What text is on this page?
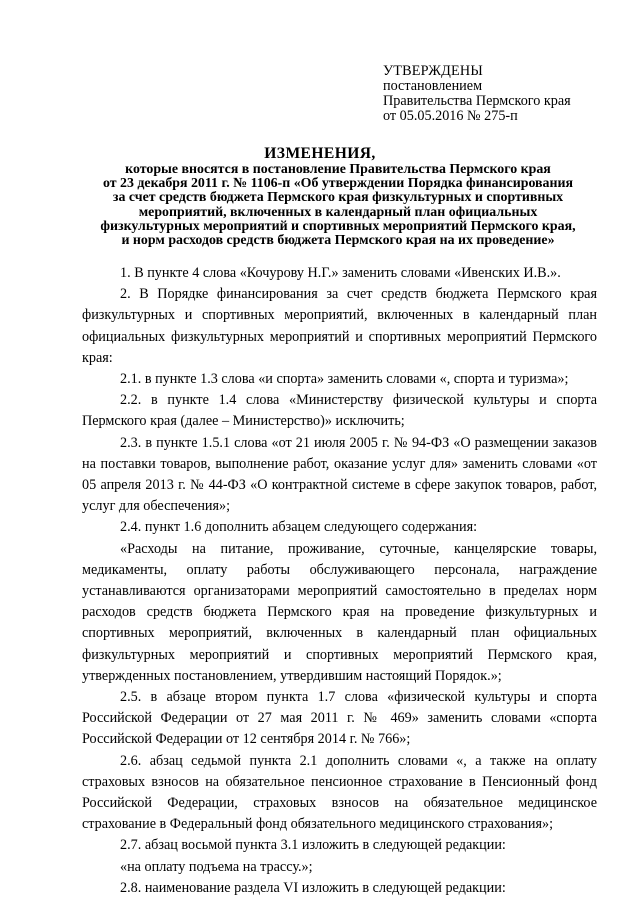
УТВЕРЖДЕНЫ
постановлением
Правительства Пермского края
от 05.05.2016 № 275-п
ИЗМЕНЕНИЯ,
которые вносятся в постановление Правительства Пермского края
от 23 декабря 2011 г. № 1106-п «Об утверждении Порядка финансирования
за счет средств бюджета Пермского края физкультурных и спортивных
мероприятий, включенных в календарный план официальных
физкультурных мероприятий и спортивных мероприятий Пермского края,
и норм расходов средств бюджета Пермского края на их проведение»

1. В пункте 4 слова «Кочурову Н.Г.» заменить словами «Ивенских И.В.».

2. В Порядке финансирования за счет средств бюджета Пермского края физкультурных и спортивных мероприятий, включенных в календарный план официальных физкультурных мероприятий и спортивных мероприятий Пермского края:

2.1. в пункте 1.3 слова «и спорта» заменить словами «, спорта и туризма»;

2.2. в пункте 1.4 слова «Министерству физической культуры и спорта Пермского края (далее – Министерство)» исключить;

2.3. в пункте 1.5.1 слова «от 21 июля 2005 г. № 94-ФЗ «О размещении заказов на поставки товаров, выполнение работ, оказание услуг для» заменить словами «от 05 апреля 2013 г. № 44-ФЗ «О контрактной системе в сфере закупок товаров, работ, услуг для обеспечения»;

2.4. пункт 1.6 дополнить абзацем следующего содержания:

«Расходы на питание, проживание, суточные, канцелярские товары, медикаменты, оплату работы обслуживающего персонала, награждение устанавливаются организаторами мероприятий самостоятельно в пределах норм расходов средств бюджета Пермского края на проведение физкультурных и спортивных мероприятий, включенных в календарный план официальных физкультурных мероприятий и спортивных мероприятий Пермского края, утвержденных постановлением, утвердившим настоящий Порядок.»;

2.5. в абзаце втором пункта 1.7 слова «физической культуры и спорта Российской Федерации от 27 мая 2011 г. № 469» заменить словами «спорта Российской Федерации от 12 сентября 2014 г. № 766»;

2.6. абзац седьмой пункта 2.1 дополнить словами «, а также на оплату страховых взносов на обязательное пенсионное страхование в Пенсионный фонд Российской Федерации, страховых взносов на обязательное медицинское страхование в Федеральный фонд обязательного медицинского страхования»;

2.7. абзац восьмой пункта 3.1 изложить в следующей редакции:

«на оплату подъема на трассу.»;

2.8. наименование раздела VI изложить в следующей редакции:
